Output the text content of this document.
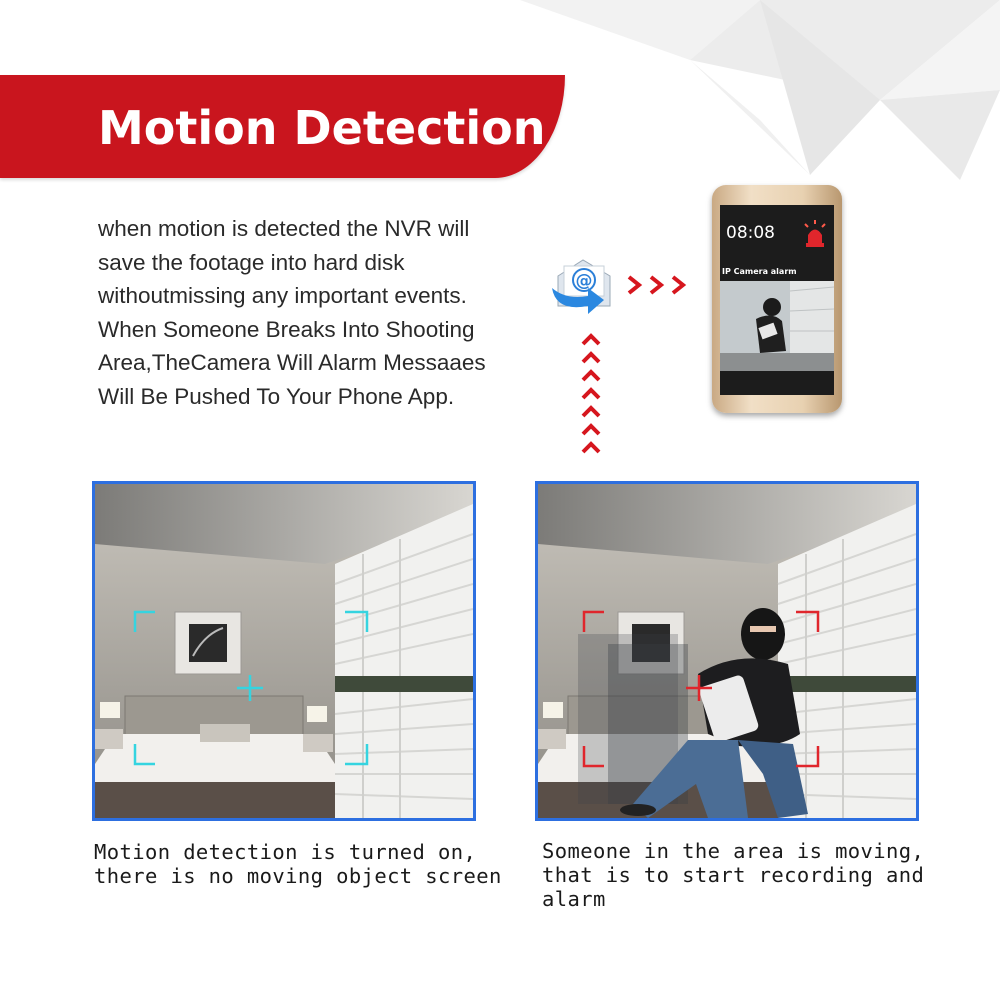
Motion Detection
when motion is detected the NVR will
save the footage into hard disk
withoutmissing any important events.
When Someone Breaks Into Shooting
Area,TheCamera Will Alarm Messaaes
Will Be Pushed To Your Phone App.
@
08:08
IP Camera alarm
Motion detection is turned on,
there is no moving object screen
Someone in the area is moving,
that is to start recording and
alarm
